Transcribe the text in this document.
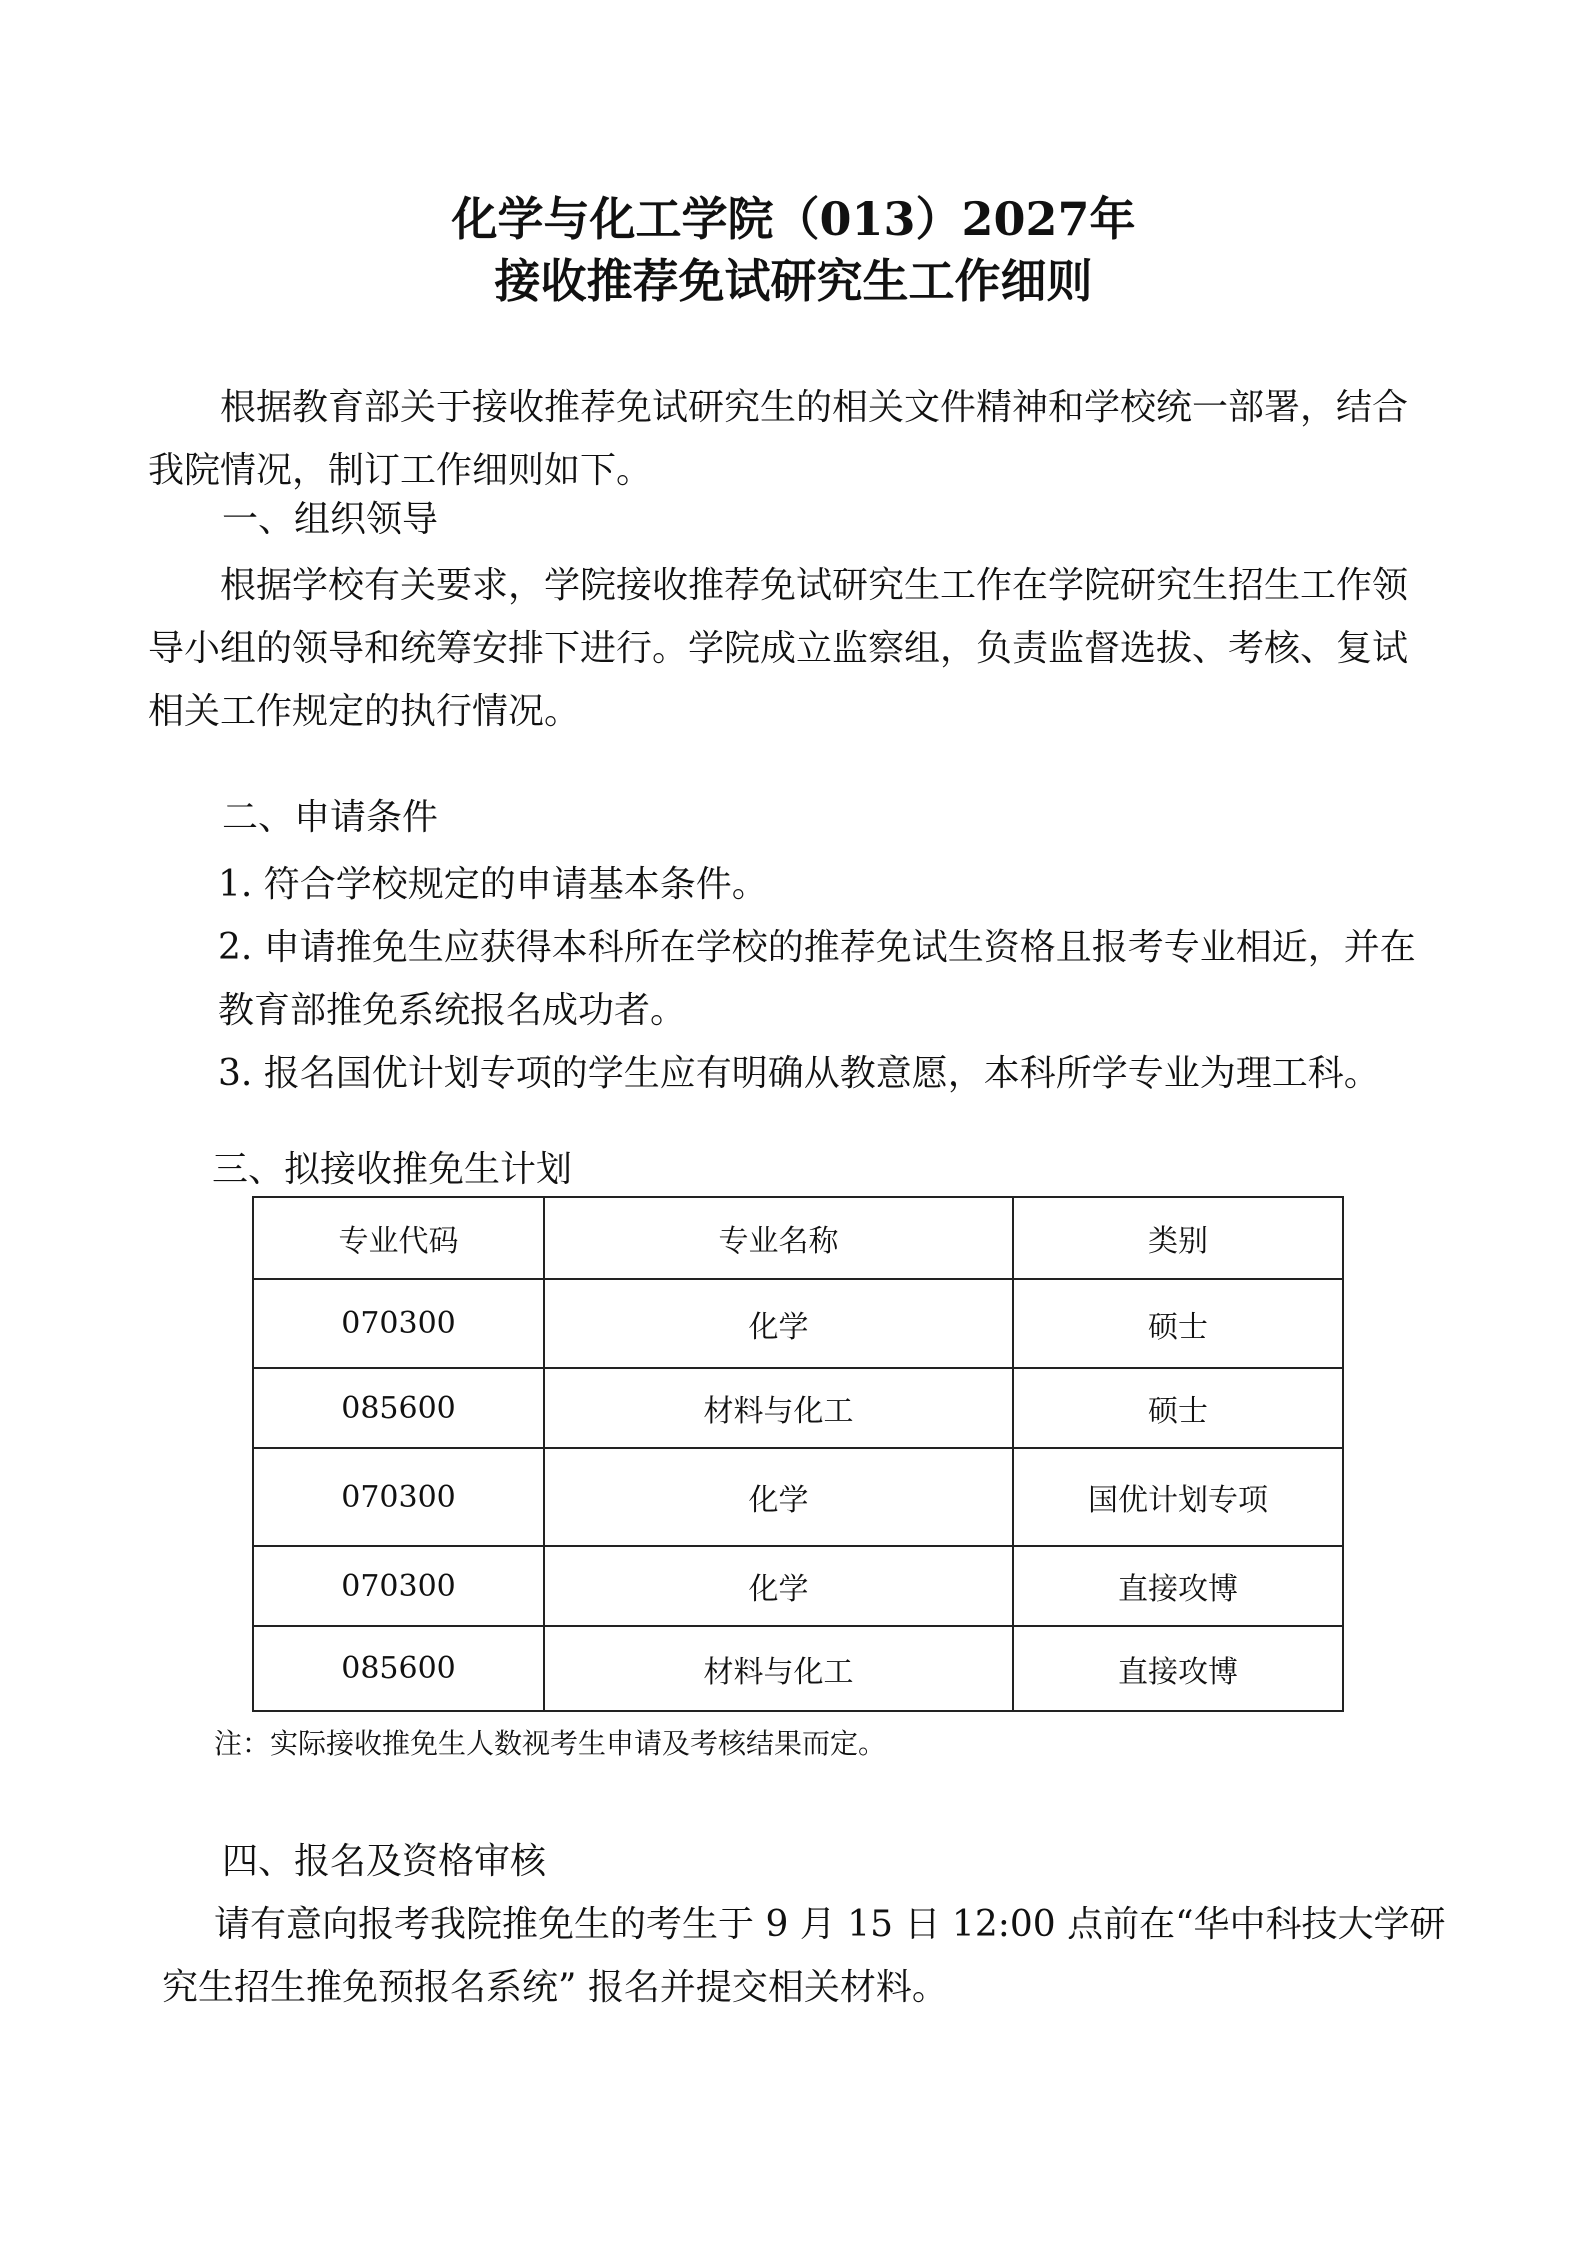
化学与化工学院（013）2027年
接收推荐免试研究生工作细则
根据教育部关于接收推荐免试研究生的相关文件精神和学校统一部署，结合
我院情况，制订工作细则如下。
一、组织领导
根据学校有关要求，学院接收推荐免试研究生工作在学院研究生招生工作领
导小组的领导和统筹安排下进行。学院成立监察组，负责监督选拔、考核、复试
相关工作规定的执行情况。
二、申请条件
1. 符合学校规定的申请基本条件。
2. 申请推免生应获得本科所在学校的推荐免试生资格且报考专业相近，并在
教育部推免系统报名成功者。
3. 报名国优计划专项的学生应有明确从教意愿，本科所学专业为理工科。
三、拟接收推免生计划
专业代码	专业名称	类别
070300	化学	硕士
085600	材料与化工	硕士
070300	化学	国优计划专项
070300	化学	直接攻博
085600	材料与化工	直接攻博
注：实际接收推免生人数视考生申请及考核结果而定。
四、报名及资格审核
请有意向报考我院推免生的考生于 9 月 15 日 12:00 点前在“华中科技大学研
究生招生推免预报名系统” 报名并提交相关材料。
